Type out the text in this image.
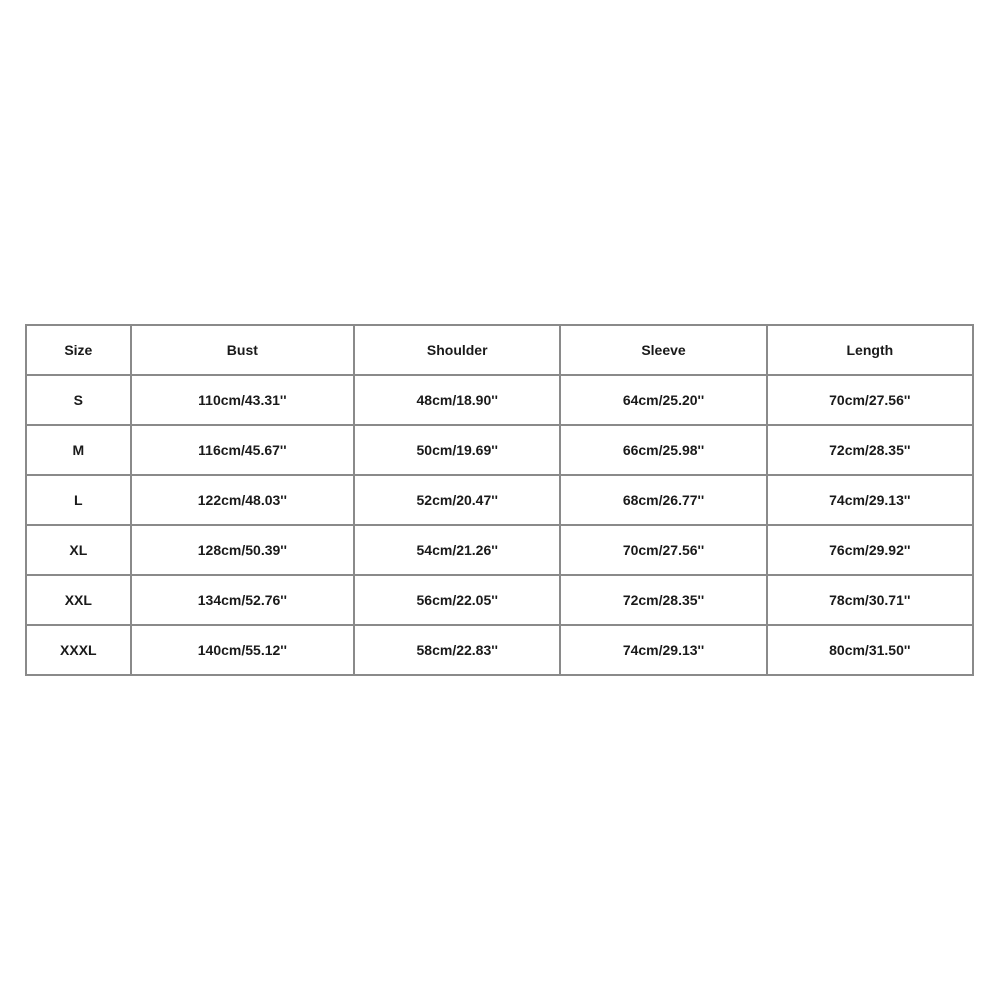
Size	Bust	Shoulder	Sleeve	Length
S	110cm/43.31''	48cm/18.90''	64cm/25.20''	70cm/27.56''
M	116cm/45.67''	50cm/19.69''	66cm/25.98''	72cm/28.35''
L	122cm/48.03''	52cm/20.47''	68cm/26.77''	74cm/29.13''
XL	128cm/50.39''	54cm/21.26''	70cm/27.56''	76cm/29.92''
XXL	134cm/52.76''	56cm/22.05''	72cm/28.35''	78cm/30.71''
XXXL	140cm/55.12''	58cm/22.83''	74cm/29.13''	80cm/31.50''
